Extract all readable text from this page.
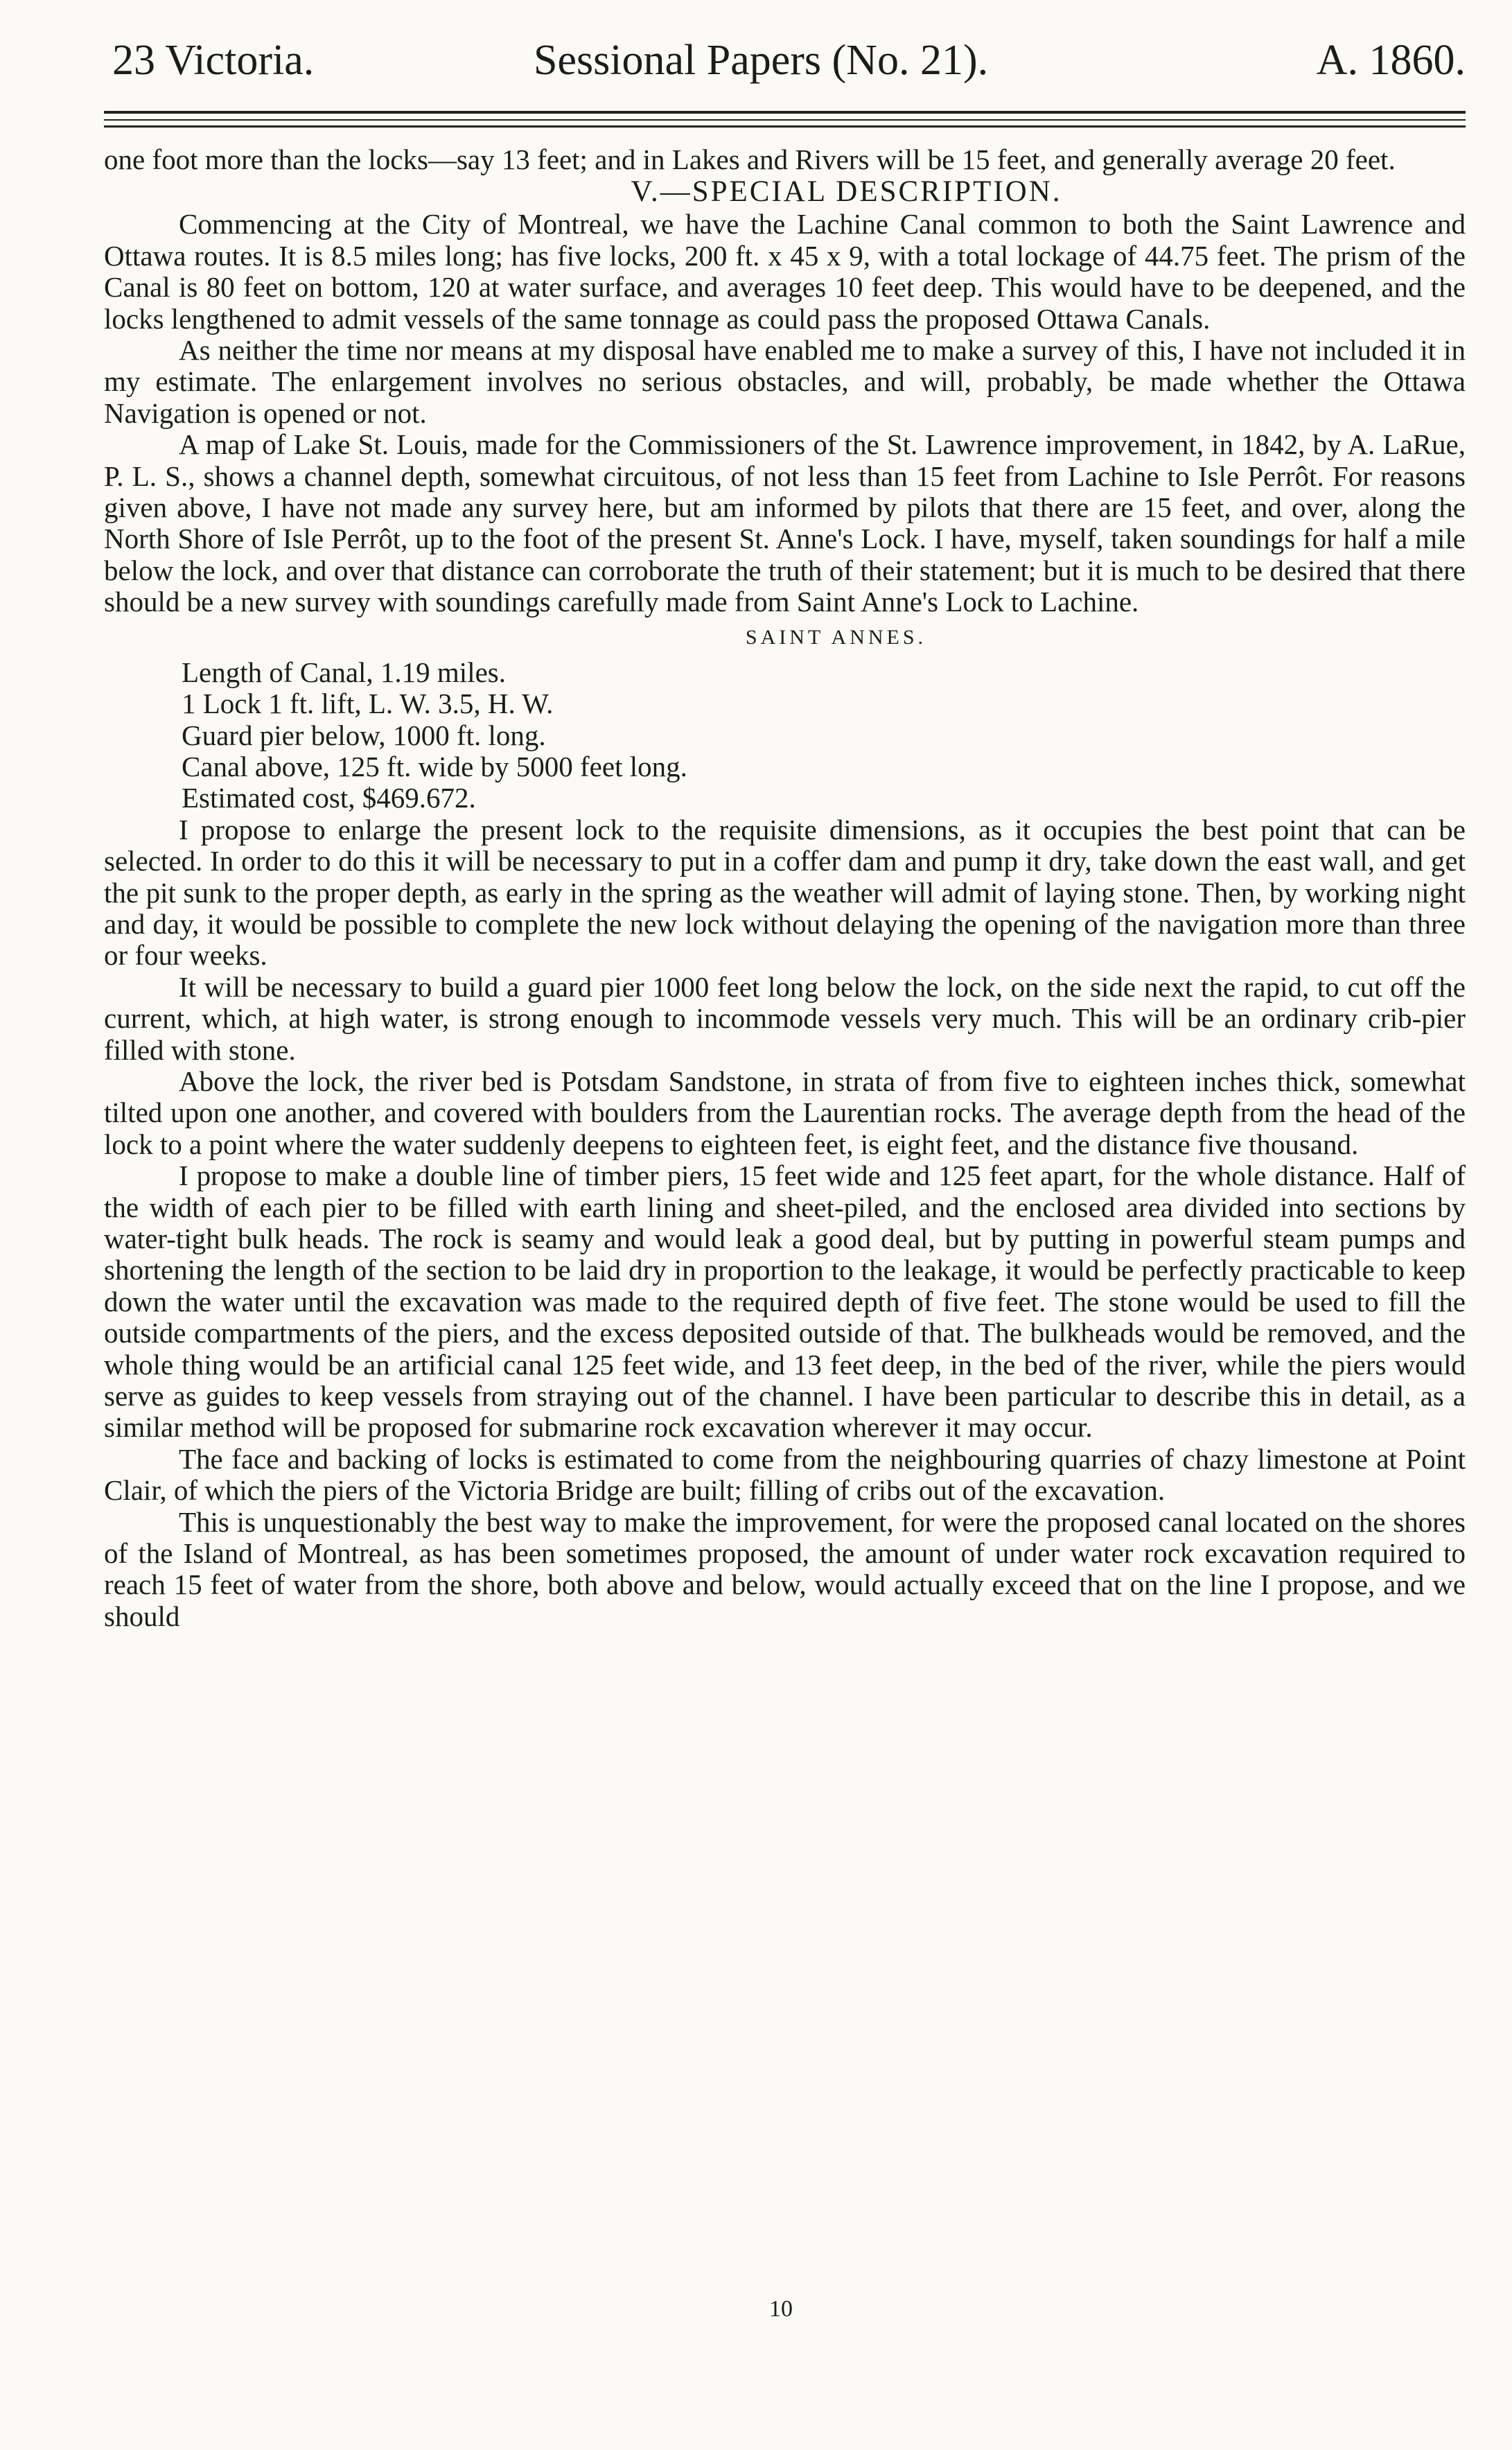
23 Victoria.	Sessional Papers (No. 21).	A. 1860.

one foot more than the locks—say 13 feet; and in Lakes and Rivers will be 15 feet, and generally average 20 feet.

V.—SPECIAL DESCRIPTION.

Commencing at the City of Montreal, we have the Lachine Canal common to both the Saint Lawrence and Ottawa routes. It is 8.5 miles long; has five locks, 200 ft. x 45 x 9, with a total lockage of 44.75 feet. The prism of the Canal is 80 feet on bottom, 120 at water surface, and averages 10 feet deep. This would have to be deepened, and the locks lengthened to admit vessels of the same tonnage as could pass the proposed Ottawa Canals.

As neither the time nor means at my disposal have enabled me to make a survey of this, I have not included it in my estimate. The enlargement involves no serious obstacles, and will, probably, be made whether the Ottawa Navigation is opened or not.

A map of Lake St. Louis, made for the Commissioners of the St. Lawrence improvement, in 1842, by A. LaRue, P. L. S., shows a channel depth, somewhat circuitous, of not less than 15 feet from Lachine to Isle Perrôt. For reasons given above, I have not made any survey here, but am informed by pilots that there are 15 feet, and over, along the North Shore of Isle Perrôt, up to the foot of the present St. Anne's Lock. I have, myself, taken soundings for half a mile below the lock, and over that distance can corroborate the truth of their statement; but it is much to be desired that there should be a new survey with soundings carefully made from Saint Anne's Lock to Lachine.

SAINT ANNES.

Length of Canal, 1.19 miles.
1 Lock 1 ft. lift, L. W. 3.5, H. W.
Guard pier below, 1000 ft. long.
Canal above, 125 ft. wide by 5000 feet long.
Estimated cost, $469.672.

I propose to enlarge the present lock to the requisite dimensions, as it occupies the best point that can be selected. In order to do this it will be necessary to put in a coffer dam and pump it dry, take down the east wall, and get the pit sunk to the proper depth, as early in the spring as the weather will admit of laying stone. Then, by working night and day, it would be possible to complete the new lock without delaying the opening of the navigation more than three or four weeks.

It will be necessary to build a guard pier 1000 feet long below the lock, on the side next the rapid, to cut off the current, which, at high water, is strong enough to incommode vessels very much. This will be an ordinary crib-pier filled with stone.

Above the lock, the river bed is Potsdam Sandstone, in strata of from five to eighteen inches thick, somewhat tilted upon one another, and covered with boulders from the Laurentian rocks. The average depth from the head of the lock to a point where the water suddenly deepens to eighteen feet, is eight feet, and the distance five thousand.

I propose to make a double line of timber piers, 15 feet wide and 125 feet apart, for the whole distance. Half of the width of each pier to be filled with earth lining and sheet-piled, and the enclosed area divided into sections by water-tight bulk heads. The rock is seamy and would leak a good deal, but by putting in powerful steam pumps and shortening the length of the section to be laid dry in proportion to the leakage, it would be perfectly practicable to keep down the water until the excavation was made to the required depth of five feet. The stone would be used to fill the outside compartments of the piers, and the excess deposited outside of that. The bulkheads would be removed, and the whole thing would be an artificial canal 125 feet wide, and 13 feet deep, in the bed of the river, while the piers would serve as guides to keep vessels from straying out of the channel. I have been particular to describe this in detail, as a similar method will be proposed for submarine rock excavation wherever it may occur.

The face and backing of locks is estimated to come from the neighbouring quarries of chazy limestone at Point Clair, of which the piers of the Victoria Bridge are built; filling of cribs out of the excavation.

This is unquestionably the best way to make the improvement, for were the proposed canal located on the shores of the Island of Montreal, as has been sometimes proposed, the amount of under water rock excavation required to reach 15 feet of water from the shore, both above and below, would actually exceed that on the line I propose, and we should

10
